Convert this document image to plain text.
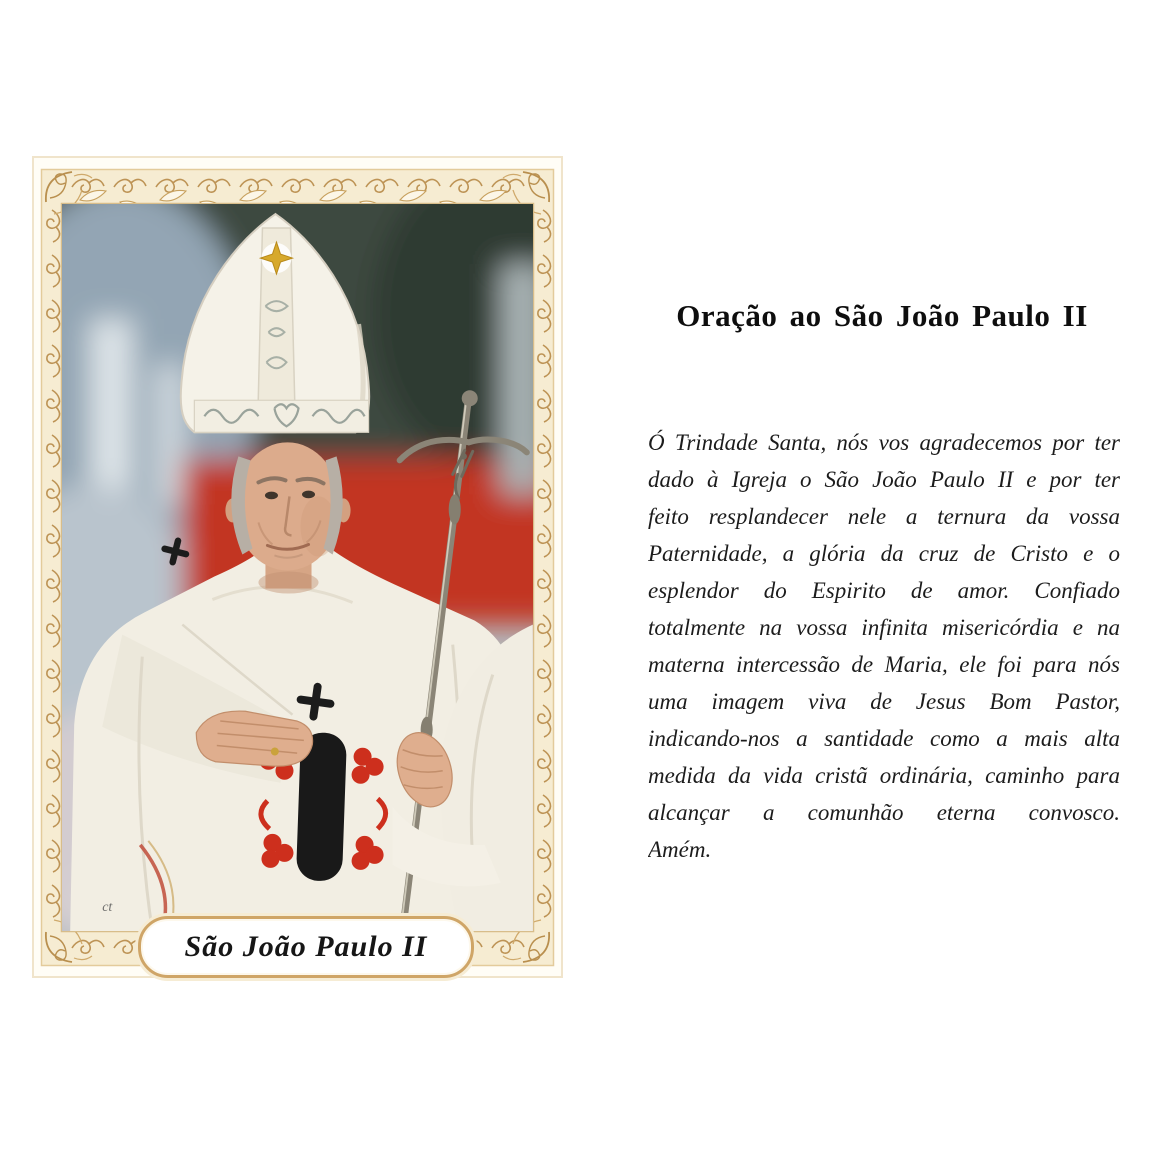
ct
São João Paulo II
Oração ao São João Paulo II
Ó Trindade Santa, nós vos agradecemos por ter
dado à Igreja o São João Paulo II e por ter
feito resplandecer nele a ternura da vossa
Paternidade, a glória da cruz de Cristo e o
esplendor do Espirito de amor. Confiado
totalmente na vossa infinita misericórdia e na
materna intercessão de Maria, ele foi para nós
uma imagem viva de Jesus Bom Pastor,
indicando-nos a santidade como a mais alta
medida da vida cristã ordinária, caminho para
alcançar a comunhão eterna convosco.
Amém.
